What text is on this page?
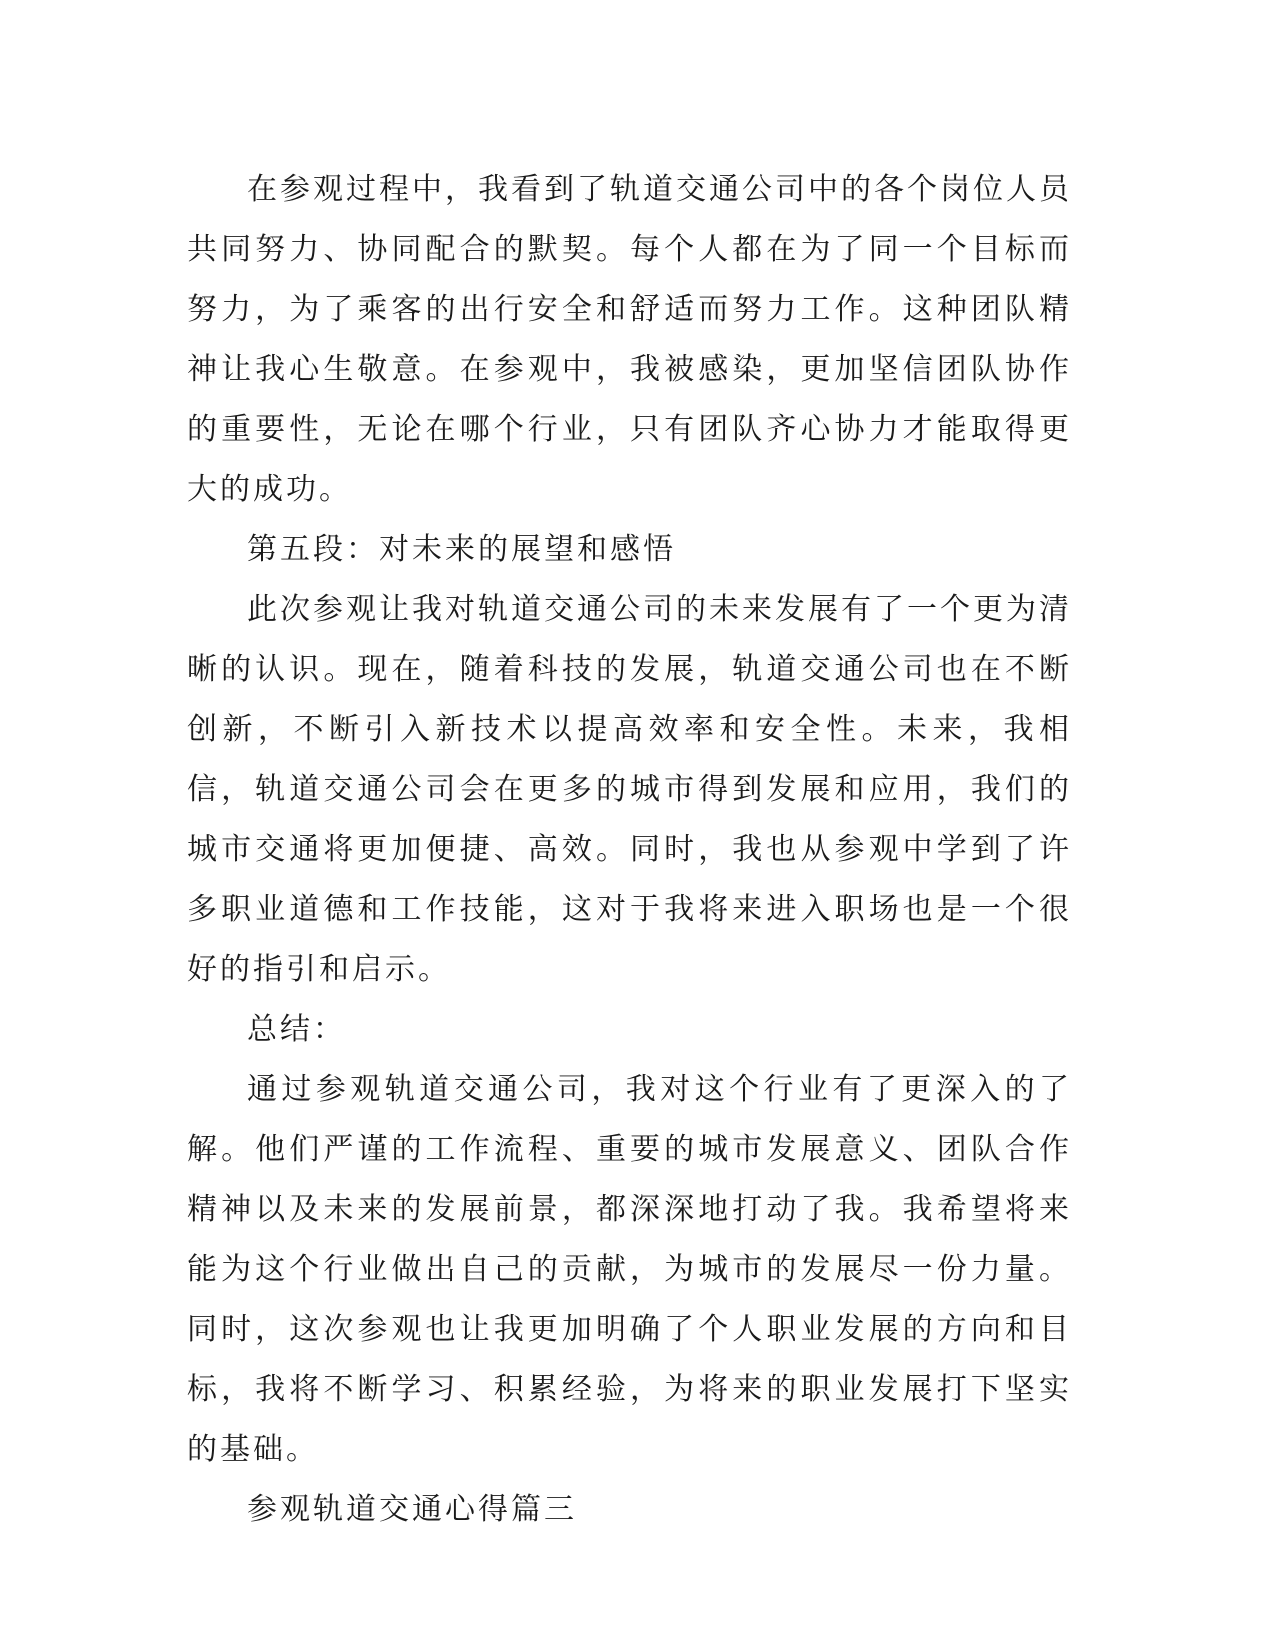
在参观过程中，我看到了轨道交通公司中的各个岗位人员共同努力、协同配合的默契。每个人都在为了同一个目标而努力，为了乘客的出行安全和舒适而努力工作。这种团队精神让我心生敬意。在参观中，我被感染，更加坚信团队协作的重要性，无论在哪个行业，只有团队齐心协力才能取得更大的成功。

第五段：对未来的展望和感悟

此次参观让我对轨道交通公司的未来发展有了一个更为清晰的认识。现在，随着科技的发展，轨道交通公司也在不断创新，不断引入新技术以提高效率和安全性。未来，我相信，轨道交通公司会在更多的城市得到发展和应用，我们的城市交通将更加便捷、高效。同时，我也从参观中学到了许多职业道德和工作技能，这对于我将来进入职场也是一个很好的指引和启示。

总结：

通过参观轨道交通公司，我对这个行业有了更深入的了解。他们严谨的工作流程、重要的城市发展意义、团队合作精神以及未来的发展前景，都深深地打动了我。我希望将来能为这个行业做出自己的贡献，为城市的发展尽一份力量。同时，这次参观也让我更加明确了个人职业发展的方向和目标，我将不断学习、积累经验，为将来的职业发展打下坚实的基础。

参观轨道交通心得篇三
